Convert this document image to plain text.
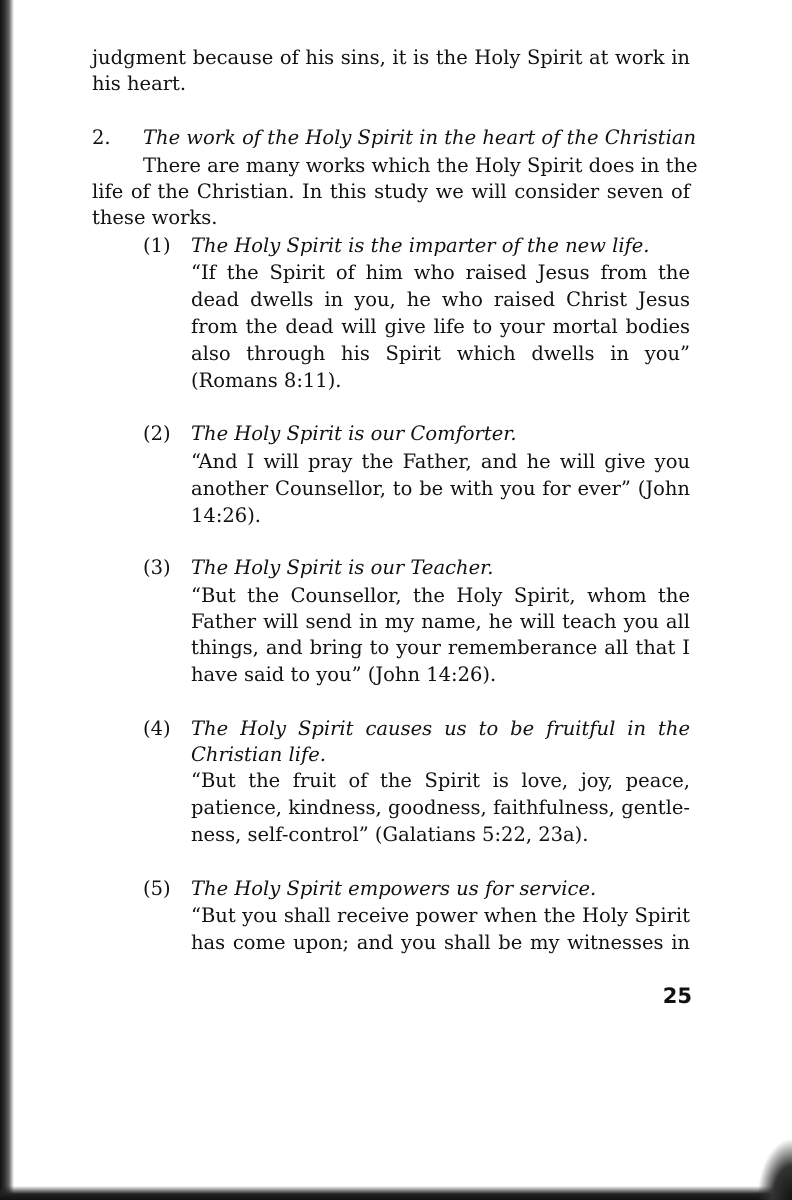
judgment because of his sins, it is the Holy Spirit at work in
his heart.
2. The work of the Holy Spirit in the heart of the Christian
There are many works which the Holy Spirit does in the
life of the Christian. In this study we will consider seven of
these works.
(1) The Holy Spirit is the imparter of the new life.
“If the Spirit of him who raised Jesus from the
dead dwells in you, he who raised Christ Jesus
from the dead will give life to your mortal bodies
also through his Spirit which dwells in you”
(Romans 8:11).
(2) The Holy Spirit is our Comforter.
“And I will pray the Father, and he will give you
another Counsellor, to be with you for ever” (John
14:26).
(3) The Holy Spirit is our Teacher.
“But the Counsellor, the Holy Spirit, whom the
Father will send in my name, he will teach you all
things, and bring to your rememberance all that I
have said to you” (John 14:26).
(4) The Holy Spirit causes us to be fruitful in the
Christian life.
“But the fruit of the Spirit is love, joy, peace,
patience, kindness, goodness, faithfulness, gentle-
ness, self-control” (Galatians 5:22, 23a).
(5) The Holy Spirit empowers us for service.
“But you shall receive power when the Holy Spirit
has come upon; and you shall be my witnesses in
25
